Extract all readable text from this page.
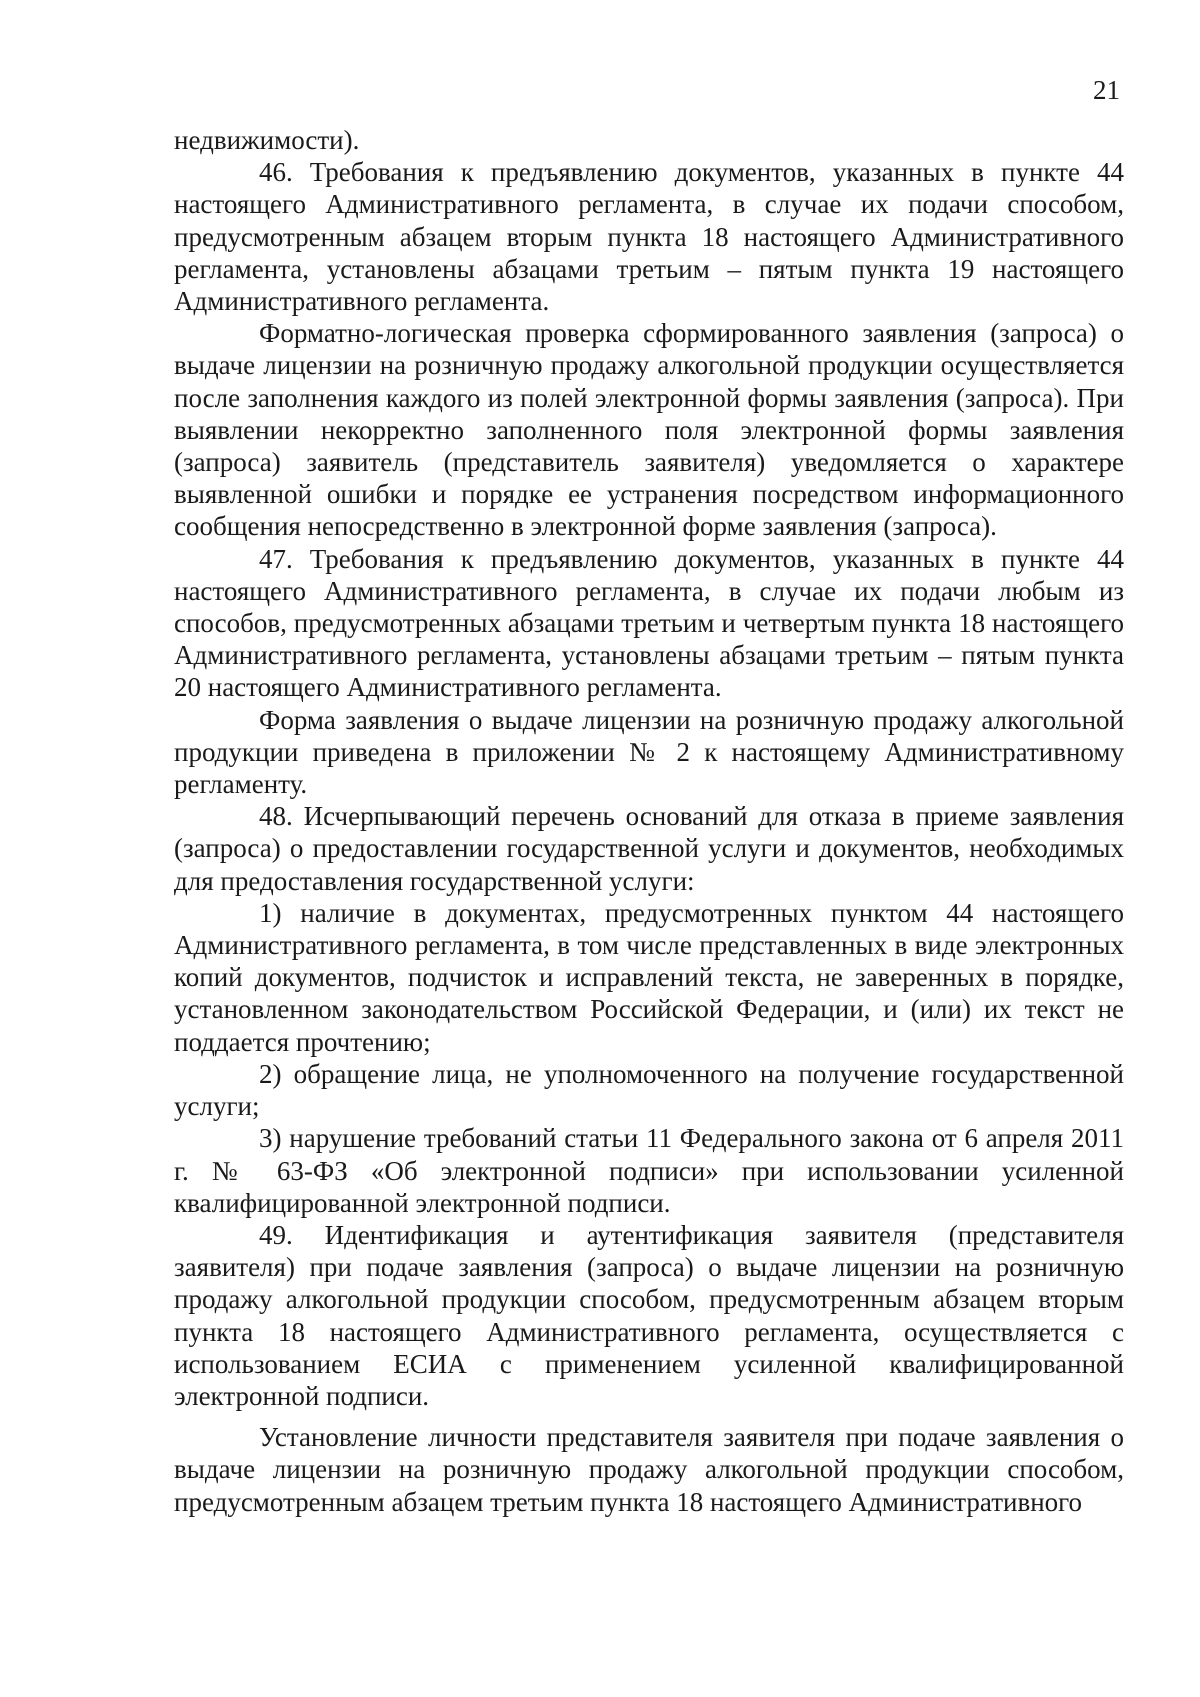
21

недвижимости).

46. Требования к предъявлению документов, указанных в пункте 44 настоящего Административного регламента, в случае их подачи способом, предусмотренным абзацем вторым пункта 18 настоящего Административного регламента, установлены абзацами третьим – пятым пункта 19 настоящего Административного регламента.

Форматно-логическая проверка сформированного заявления (запроса) о выдаче лицензии на розничную продажу алкогольной продукции осуществляется после заполнения каждого из полей электронной формы заявления (запроса). При выявлении некорректно заполненного поля электронной формы заявления (запроса) заявитель (представитель заявителя) уведомляется о характере выявленной ошибки и порядке ее устранения посредством информационного сообщения непосредственно в электронной форме заявления (запроса).

47. Требования к предъявлению документов, указанных в пункте 44 настоящего Административного регламента, в случае их подачи любым из способов, предусмотренных абзацами третьим и четвертым пункта 18 настоящего Административного регламента, установлены абзацами третьим – пятым пункта 20 настоящего Административного регламента.

Форма заявления о выдаче лицензии на розничную продажу алкогольной продукции приведена в приложении № 2 к настоящему Административному регламенту.

48. Исчерпывающий перечень оснований для отказа в приеме заявления (запроса) о предоставлении государственной услуги и документов, необходимых для предоставления государственной услуги:

1) наличие в документах, предусмотренных пунктом 44 настоящего Административного регламента, в том числе представленных в виде электронных копий документов, подчисток и исправлений текста, не заверенных в порядке, установленном законодательством Российской Федерации, и (или) их текст не поддается прочтению;

2) обращение лица, не уполномоченного на получение государственной услуги;

3) нарушение требований статьи 11 Федерального закона от 6 апреля 2011 г. № 63-ФЗ «Об электронной подписи» при использовании усиленной квалифицированной электронной подписи.

49. Идентификация и аутентификация заявителя (представителя заявителя) при подаче заявления (запроса) о выдаче лицензии на розничную продажу алкогольной продукции способом, предусмотренным абзацем вторым пункта 18 настоящего Административного регламента, осуществляется с использованием ЕСИА с применением усиленной квалифицированной электронной подписи.

Установление личности представителя заявителя при подаче заявления о выдаче лицензии на розничную продажу алкогольной продукции способом, предусмотренным абзацем третьим пункта 18 настоящего Административного
